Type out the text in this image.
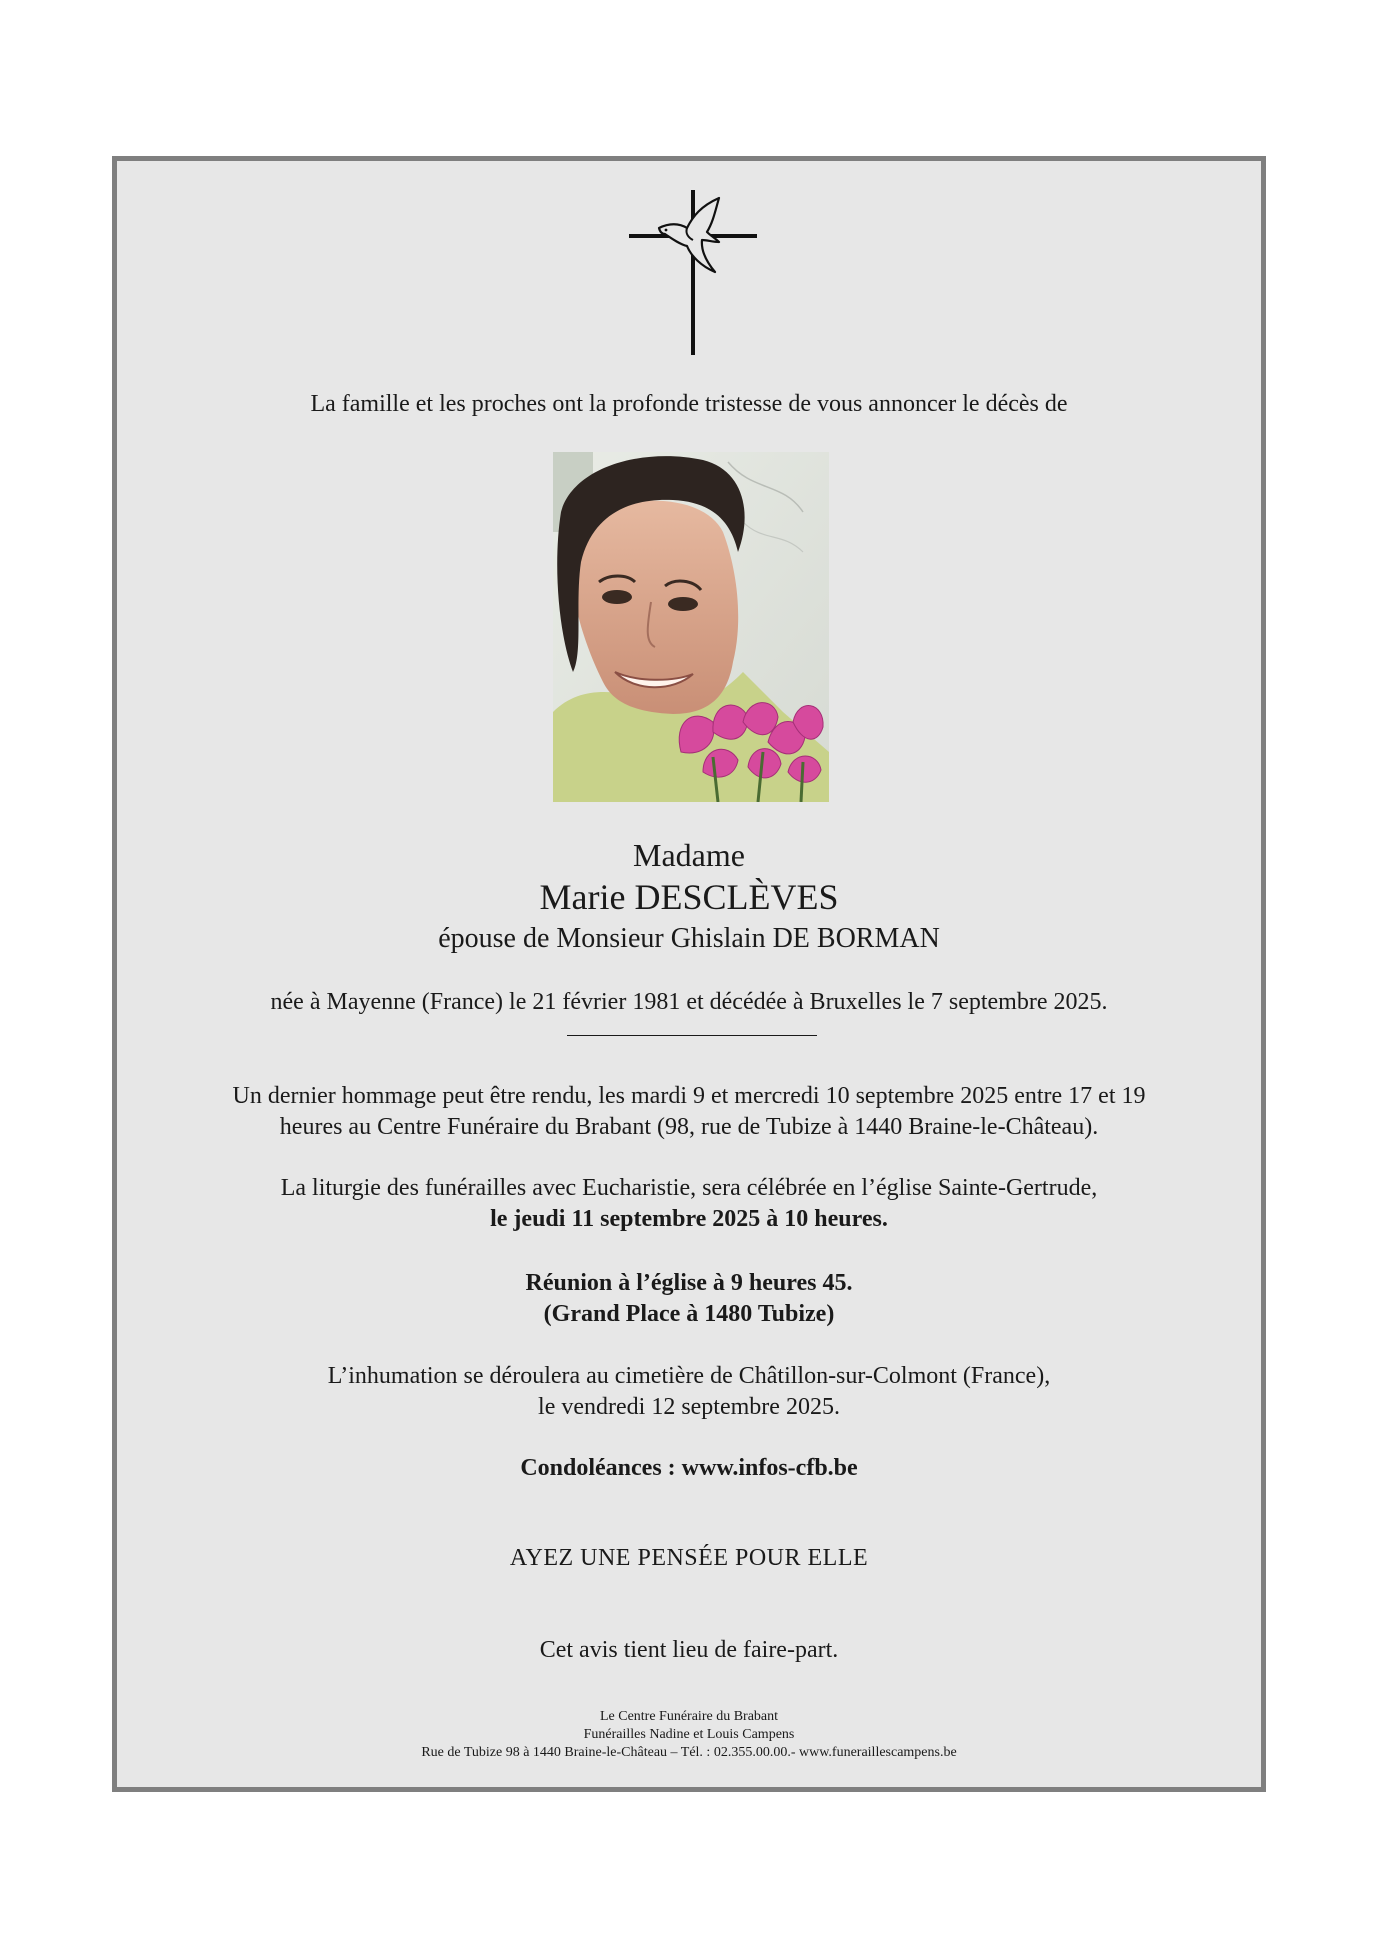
La famille et les proches ont la profonde tristesse de vous annoncer le décès de
Madame
Marie DESCLÈVES
épouse de Monsieur Ghislain DE BORMAN
née à Mayenne (France) le 21 février 1981 et décédée à Bruxelles le 7 septembre 2025.
Un dernier hommage peut être rendu, les mardi 9 et mercredi 10 septembre 2025 entre 17 et 19
heures au Centre Funéraire du Brabant (98, rue de Tubize à 1440 Braine-le-Château).
La liturgie des funérailles avec Eucharistie, sera célébrée en l’église Sainte-Gertrude,
le jeudi 11 septembre 2025 à 10 heures.
Réunion à l’église à 9 heures 45.
(Grand Place à 1480 Tubize)
L’inhumation se déroulera au cimetière de Châtillon-sur-Colmont (France),
le vendredi 12 septembre 2025.
Condoléances : www.infos-cfb.be
AYEZ UNE PENSÉE POUR ELLE
Cet avis tient lieu de faire-part.
Le Centre Funéraire du Brabant
Funérailles Nadine et Louis Campens
Rue de Tubize 98 à 1440 Braine-le-Château – Tél. : 02.355.00.00.- www.funeraillescampens.be
